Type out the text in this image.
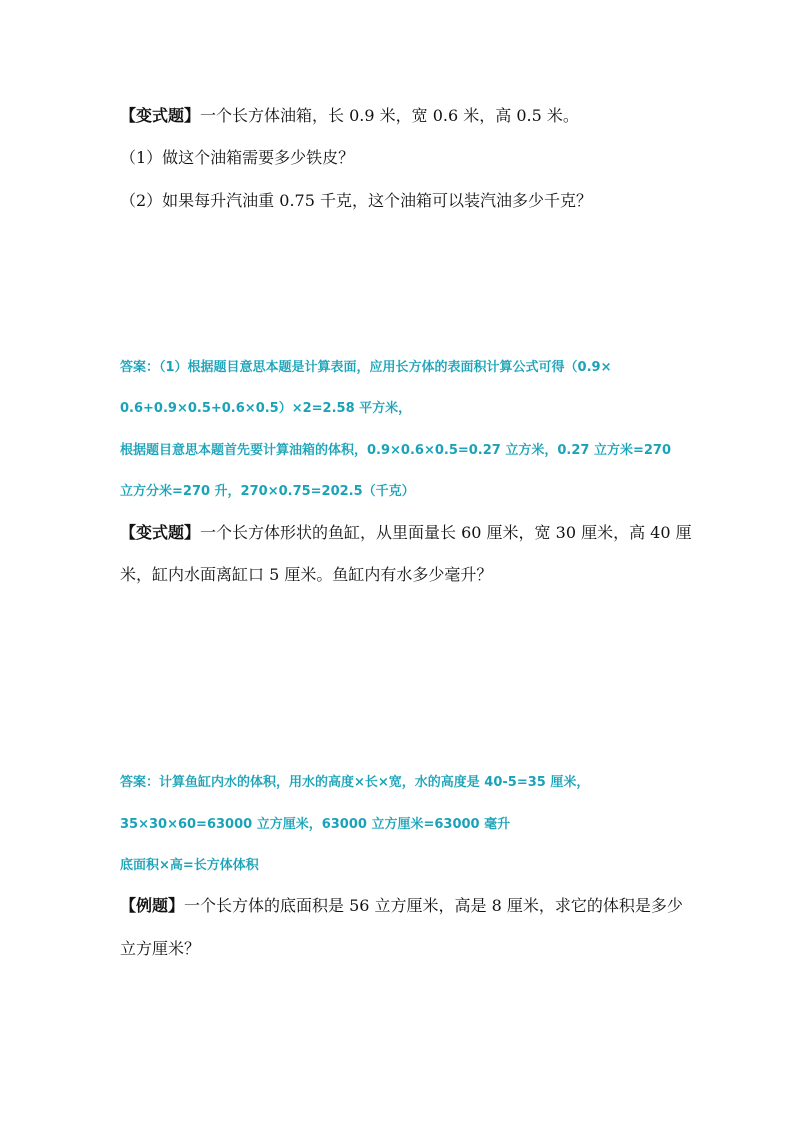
【变式题】一个长方体油箱，长 0.9 米，宽 0.6 米，高 0.5 米。
（1）做这个油箱需要多少铁皮？
（2）如果每升汽油重 0.75 千克，这个油箱可以装汽油多少千克？
答案：（1）根据题目意思本题是计算表面，应用长方体的表面积计算公式可得（0.9×
0.6+0.9×0.5+0.6×0.5）×2=2.58 平方米，
根据题目意思本题首先要计算油箱的体积，0.9×0.6×0.5=0.27 立方米，0.27 立方米=270
立方分米=270 升，270×0.75=202.5（千克）
【变式题】一个长方体形状的鱼缸，从里面量长 60 厘米，宽 30 厘米，高 40 厘
米，缸内水面离缸口 5 厘米。鱼缸内有水多少毫升？
答案：计算鱼缸内水的体积，用水的高度×长×宽，水的高度是 40-5=35 厘米，
35×30×60=63000 立方厘米，63000 立方厘米=63000 毫升
底面积×高=长方体体积
【例题】一个长方体的底面积是 56 立方厘米，高是 8 厘米，求它的体积是多少
立方厘米？
